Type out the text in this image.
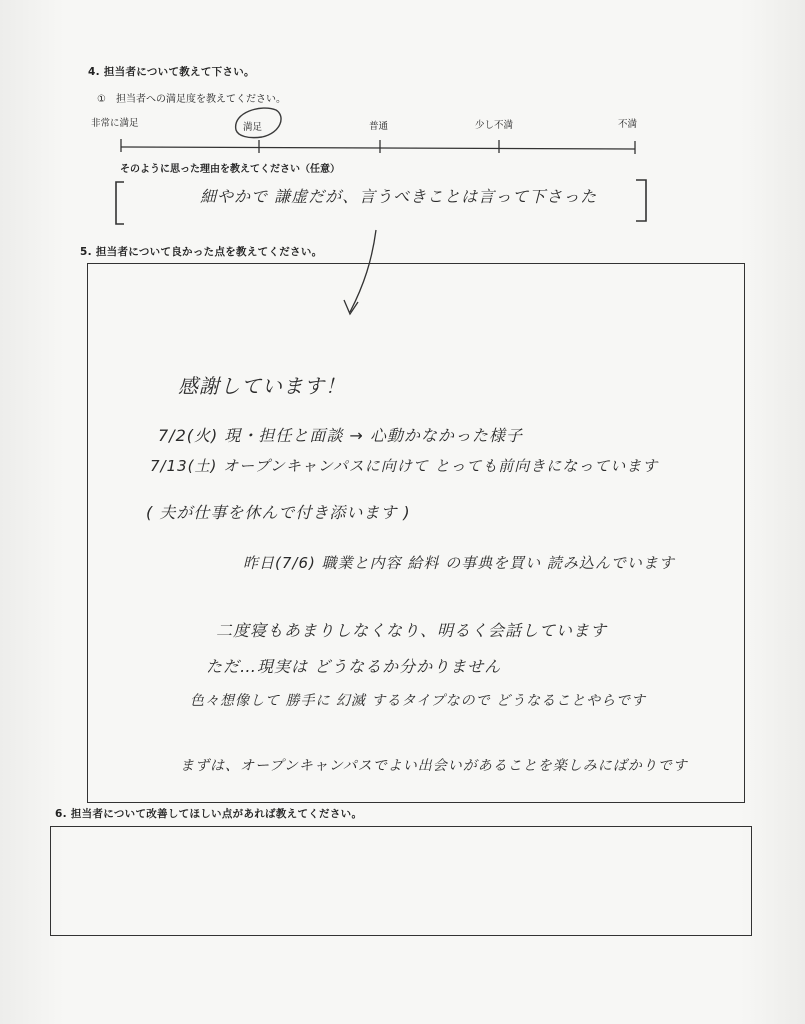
4. 担当者について教えて下さい。
①　担当者への満足度を教えてください。
非常に満足	満足	普通	少し不満	不満
そのように思った理由を教えてください（任意）
細やかで 謙虚だが、言うべきことは言って下さった
5. 担当者について良かった点を教えてください。
感謝しています！
7/2(火) 現・担任と面談 → 心動かなかった様子
7/13(土) オープンキャンパスに向けて とっても前向きになっています
( 夫が仕事を休んで付き添います )
昨日(7/6) 職業と内容 給料 の事典を買い 読み込んでいます
二度寝もあまりしなくなり、明るく会話しています
ただ…現実は どうなるか分かりません
色々想像して 勝手に 幻滅 するタイプなので どうなることやらです
まずは、オープンキャンパスでよい出会いがあることを楽しみにばかりです
6. 担当者について改善してほしい点があれば教えてください。
